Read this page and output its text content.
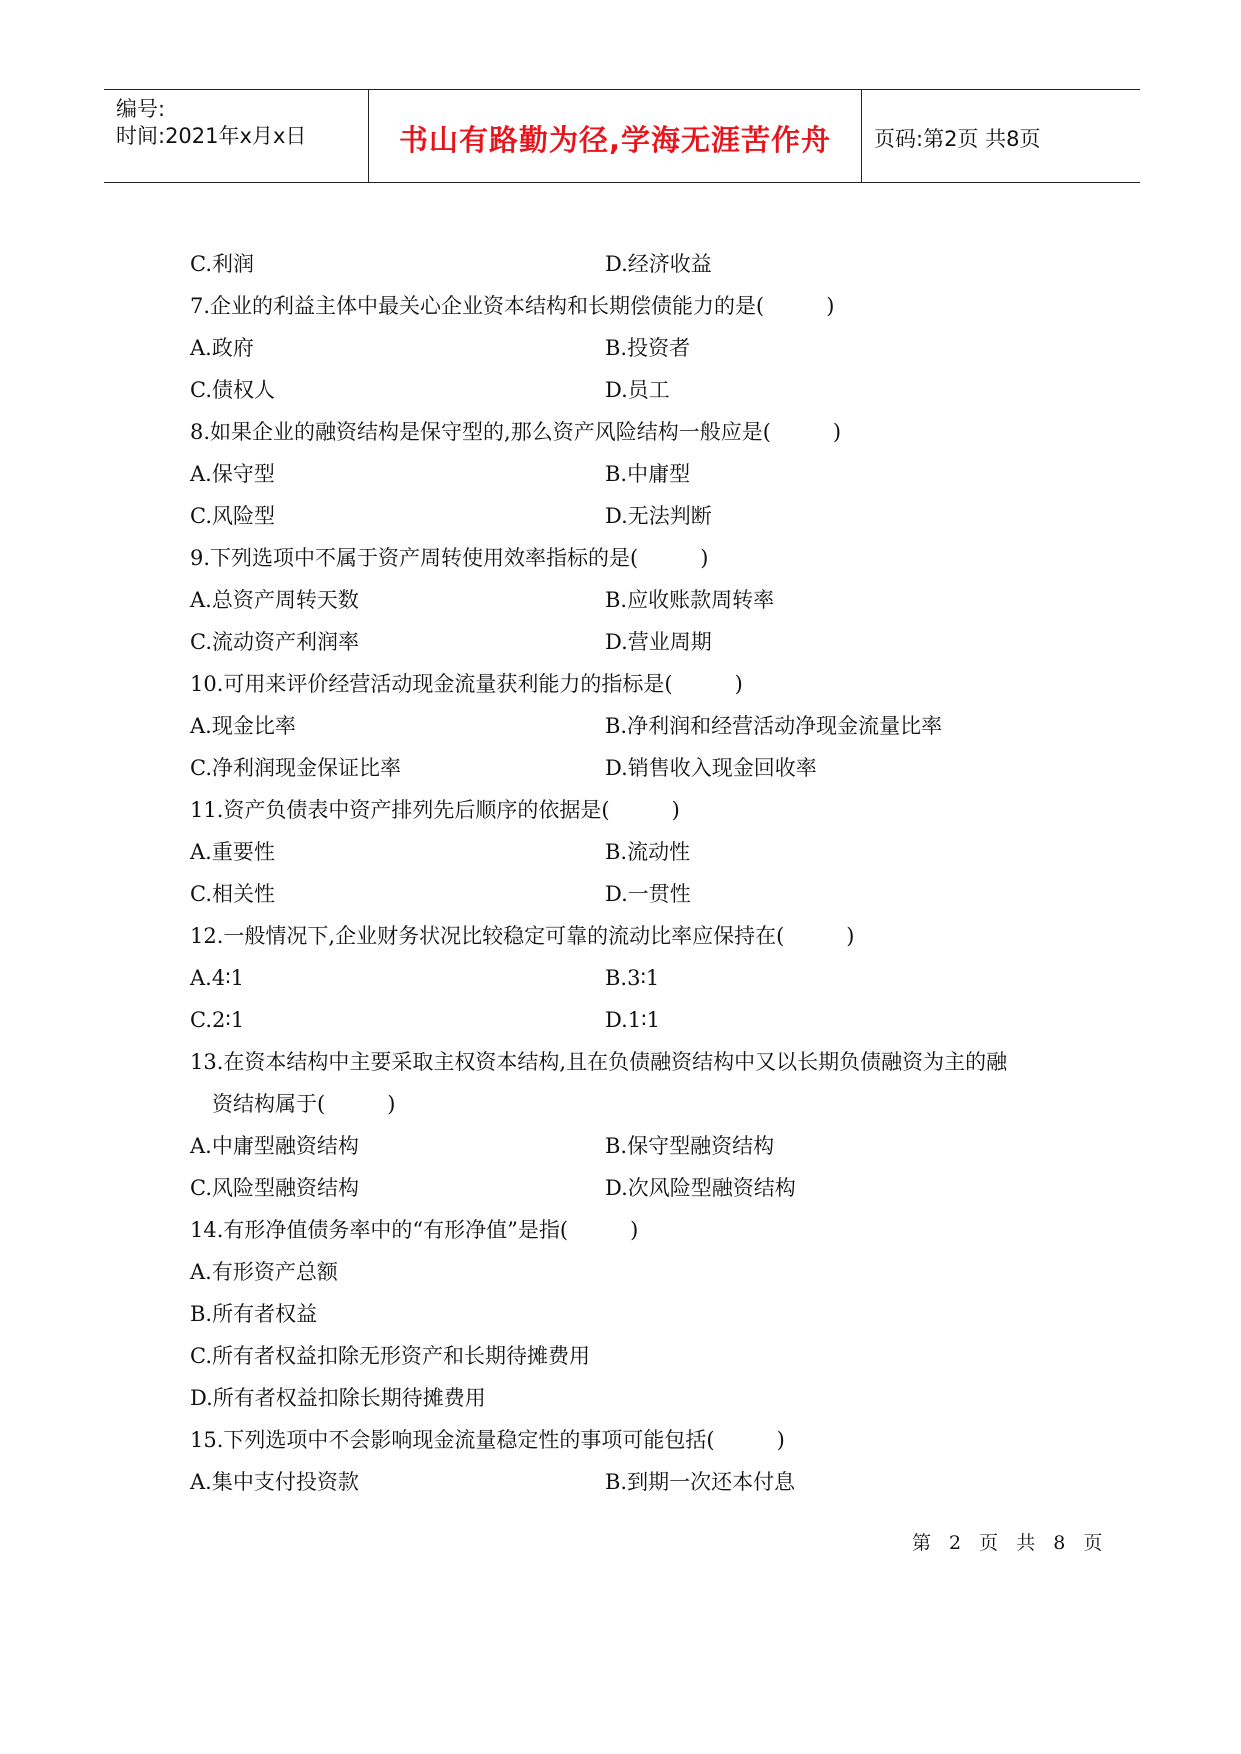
编号:
时间:2021年x月x日	书山有路勤为径,学海无涯苦作舟	页码:第2页 共8页
C.利润	D.经济收益
7.企业的利益主体中最关心企业资本结构和长期偿债能力的是(	)
A.政府	B.投资者
C.债权人	D.员工
8.如果企业的融资结构是保守型的,那么资产风险结构一般应是(	)
A.保守型	B.中庸型
C.风险型	D.无法判断
9.下列选项中不属于资产周转使用效率指标的是(	)
A.总资产周转天数	B.应收账款周转率
C.流动资产利润率	D.营业周期
10.可用来评价经营活动现金流量获利能力的指标是(	)
A.现金比率	B.净利润和经营活动净现金流量比率
C.净利润现金保证比率	D.销售收入现金回收率
11.资产负债表中资产排列先后顺序的依据是(	)
A.重要性	B.流动性
C.相关性	D.一贯性
12.一般情况下,企业财务状况比较稳定可靠的流动比率应保持在(	)
A.4∶1	B.3∶1
C.2∶1	D.1∶1
13.在资本结构中主要采取主权资本结构,且在负债融资结构中又以长期负债融资为主的融
资结构属于(	)
A.中庸型融资结构	B.保守型融资结构
C.风险型融资结构	D.次风险型融资结构
14.有形净值债务率中的“有形净值”是指(	)
A.有形资产总额
B.所有者权益
C.所有者权益扣除无形资产和长期待摊费用
D.所有者权益扣除长期待摊费用
15.下列选项中不会影响现金流量稳定性的事项可能包括(	)
A.集中支付投资款	B.到期一次还本付息
第 2 页 共 8 页
